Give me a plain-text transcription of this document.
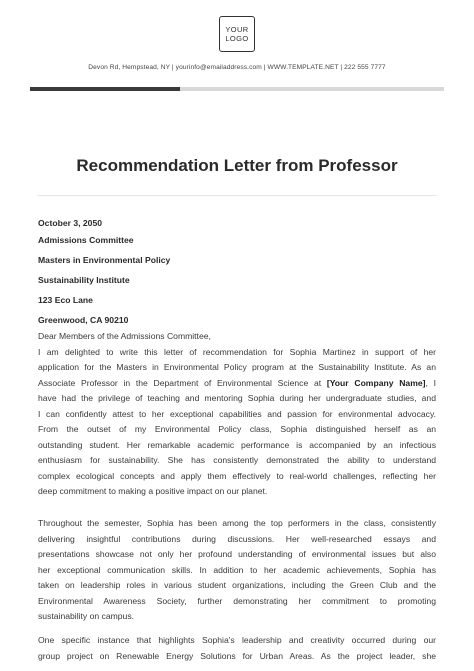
YOUR
LOGO
Devon Rd, Hempstead, NY | yourinfo@emailaddress.com | WWW.TEMPLATE.NET | 222 555 7777
Recommendation Letter from Professor
October 3, 2050
Admissions Committee
Masters in Environmental Policy
Sustainability Institute
123 Eco Lane
Greenwood, CA 90210
Dear Members of the Admissions Committee,
I am delighted to write this letter of recommendation for Sophia Martinez in support of her
application for the Masters in Environmental Policy program at the Sustainability Institute. As an
Associate Professor in the Department of Environmental Science at [Your Company Name], I
have had the privilege of teaching and mentoring Sophia during her undergraduate studies, and
I can confidently attest to her exceptional capabilities and passion for environmental advocacy.
From the outset of my Environmental Policy class, Sophia distinguished herself as an
outstanding student. Her remarkable academic performance is accompanied by an infectious
enthusiasm for sustainability. She has consistently demonstrated the ability to understand
complex ecological concepts and apply them effectively to real-world challenges, reflecting her
deep commitment to making a positive impact on our planet.
Throughout the semester, Sophia has been among the top performers in the class, consistently
delivering insightful contributions during discussions. Her well-researched essays and
presentations showcase not only her profound understanding of environmental issues but also
her exceptional communication skills. In addition to her academic achievements, Sophia has
taken on leadership roles in various student organizations, including the Green Club and the
Environmental Awareness Society, further demonstrating her commitment to promoting
sustainability on campus.
One specific instance that highlights Sophia's leadership and creativity occurred during our
group project on Renewable Energy Solutions for Urban Areas. As the project leader, she
